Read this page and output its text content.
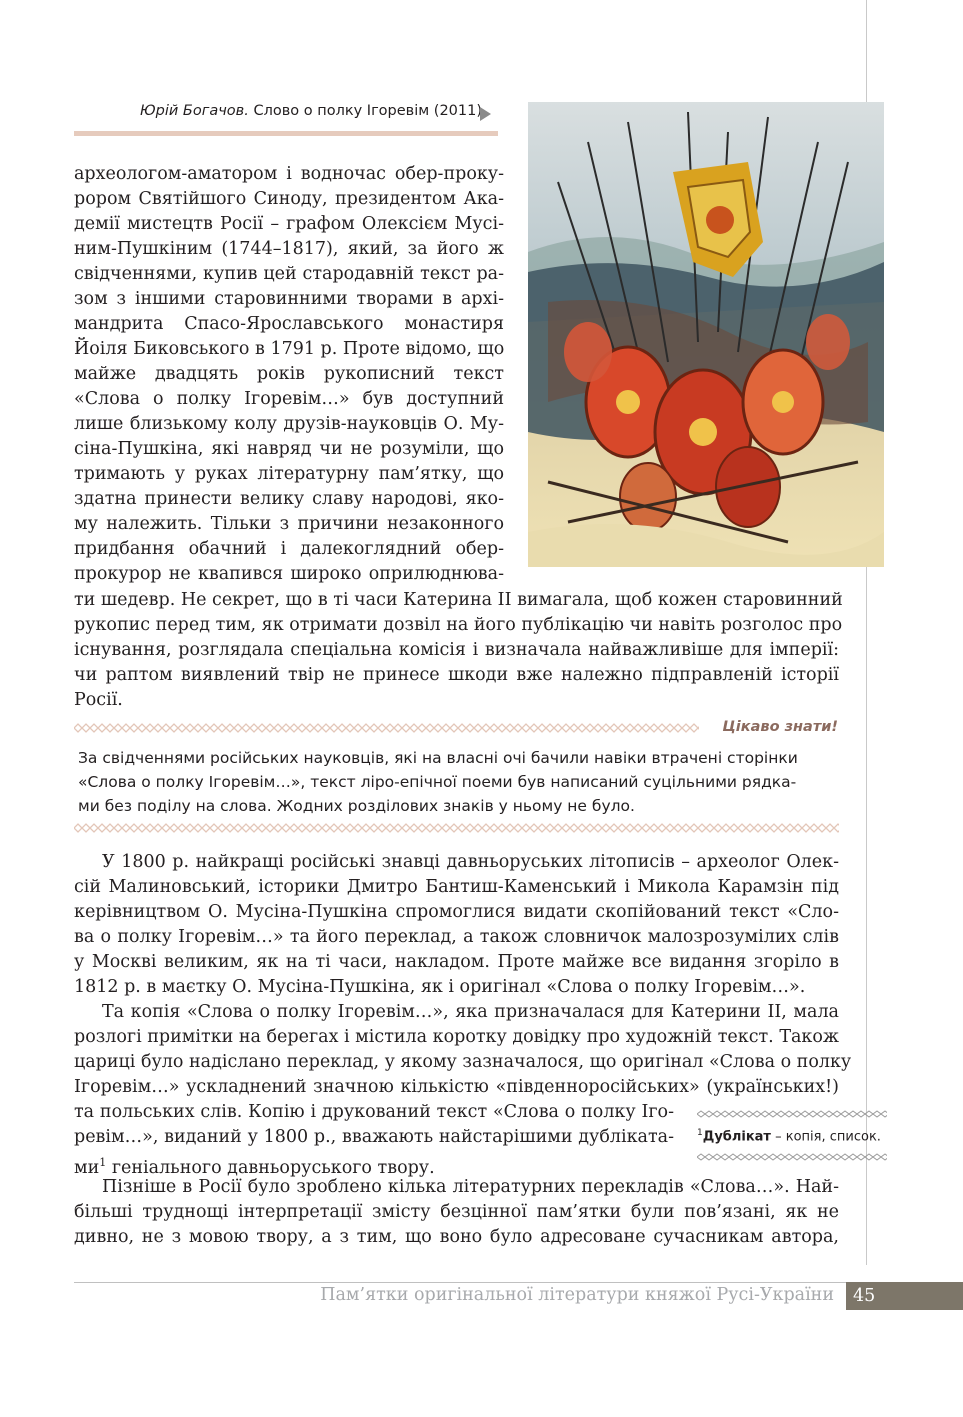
Юрій Богачов. Слово о полку Ігоревім (2011)
археологом-аматором і водночас обер-проку-
рором Святійшого Синоду, президентом Ака-
демії мистецтв Росії – графом Олексієм Мусі-
ним-Пушкіним (1744–1817), який, за його ж
свідченнями, купив цей стародавній текст ра-
зом з іншими старовинними творами в архі-
мандрита Спасо-Ярославського монастиря
Йоіля Биковського в 1791 р. Проте відомо, що
майже двадцять років рукописний текст
«Слова о полку Ігоревім…» був доступний
лише близькому колу друзів-науковців О. Му-
сіна-Пушкіна, які навряд чи не розуміли, що
тримають у руках літературну пам’ятку, що
здатна принести велику славу народові, яко-
му належить. Тільки з причини незаконного
придбання обачний і далекоглядний обер-
прокурор не квапився широко оприлюднюва-
ти шедевр. Не секрет, що в ті часи Катерина ІІ вимагала, щоб кожен старовинний
рукопис перед тим, як отримати дозвіл на його публікацію чи навіть розголос про
існування, розглядала спеціальна комісія і визначала найважливіше для імперії:
чи раптом виявлений твір не принесе шкоди вже належно підправленій історії
Росії.
Цікаво знати!
За свідченнями російських науковців, які на власні очі бачили навіки втрачені сторінки
«Слова о полку Ігоревім…», текст ліро-епічної поеми був написаний суцільними рядка-
ми без поділу на слова. Жодних розділових знаків у ньому не було.
У 1800 р. найкращі російські знавці давньоруських літописів – археолог Олек-
сій Малиновський, історики Дмитро Бантиш-Каменський і Микола Карамзін під
керівництвом О. Мусіна-Пушкіна спромоглися видати скопійований текст «Сло-
ва о полку Ігоревім…» та його переклад, а також словничок малозрозумілих слів
у Москві великим, як на ті часи, накладом. Проте майже все видання згоріло в
1812 р. в маєтку О. Мусіна-Пушкіна, як і оригінал «Слова о полку Ігоревім…».
Та копія «Слова о полку Ігоревім…», яка призначалася для Катерини ІІ, мала
розлогі примітки на берегах і містила коротку довідку про художній текст. Також
цариці було надіслано переклад, у якому зазначалося, що оригінал «Слова о полку
Ігоревім…» ускладнений значною кількістю «південноросійських» (українських!)
та польських слів. Копію і друкований текст «Слова о полку Іго-
ревім…», виданий у 1800 р., вважають найстарішими дубліката-
$ми^1$ геніального давньоруського твору.
$^1$Дублікат – копія, список.
Пізніше в Росії було зроблено кілька літературних перекладів «Слова…». Най-
більші труднощі інтерпретації змісту безцінної пам’ятки були пов’язані, як не
дивно, не з мовою твору, а з тим, що воно було адресоване сучасникам автора,
Пам’ятки оригінальної літератури княжої Русі-України	45
